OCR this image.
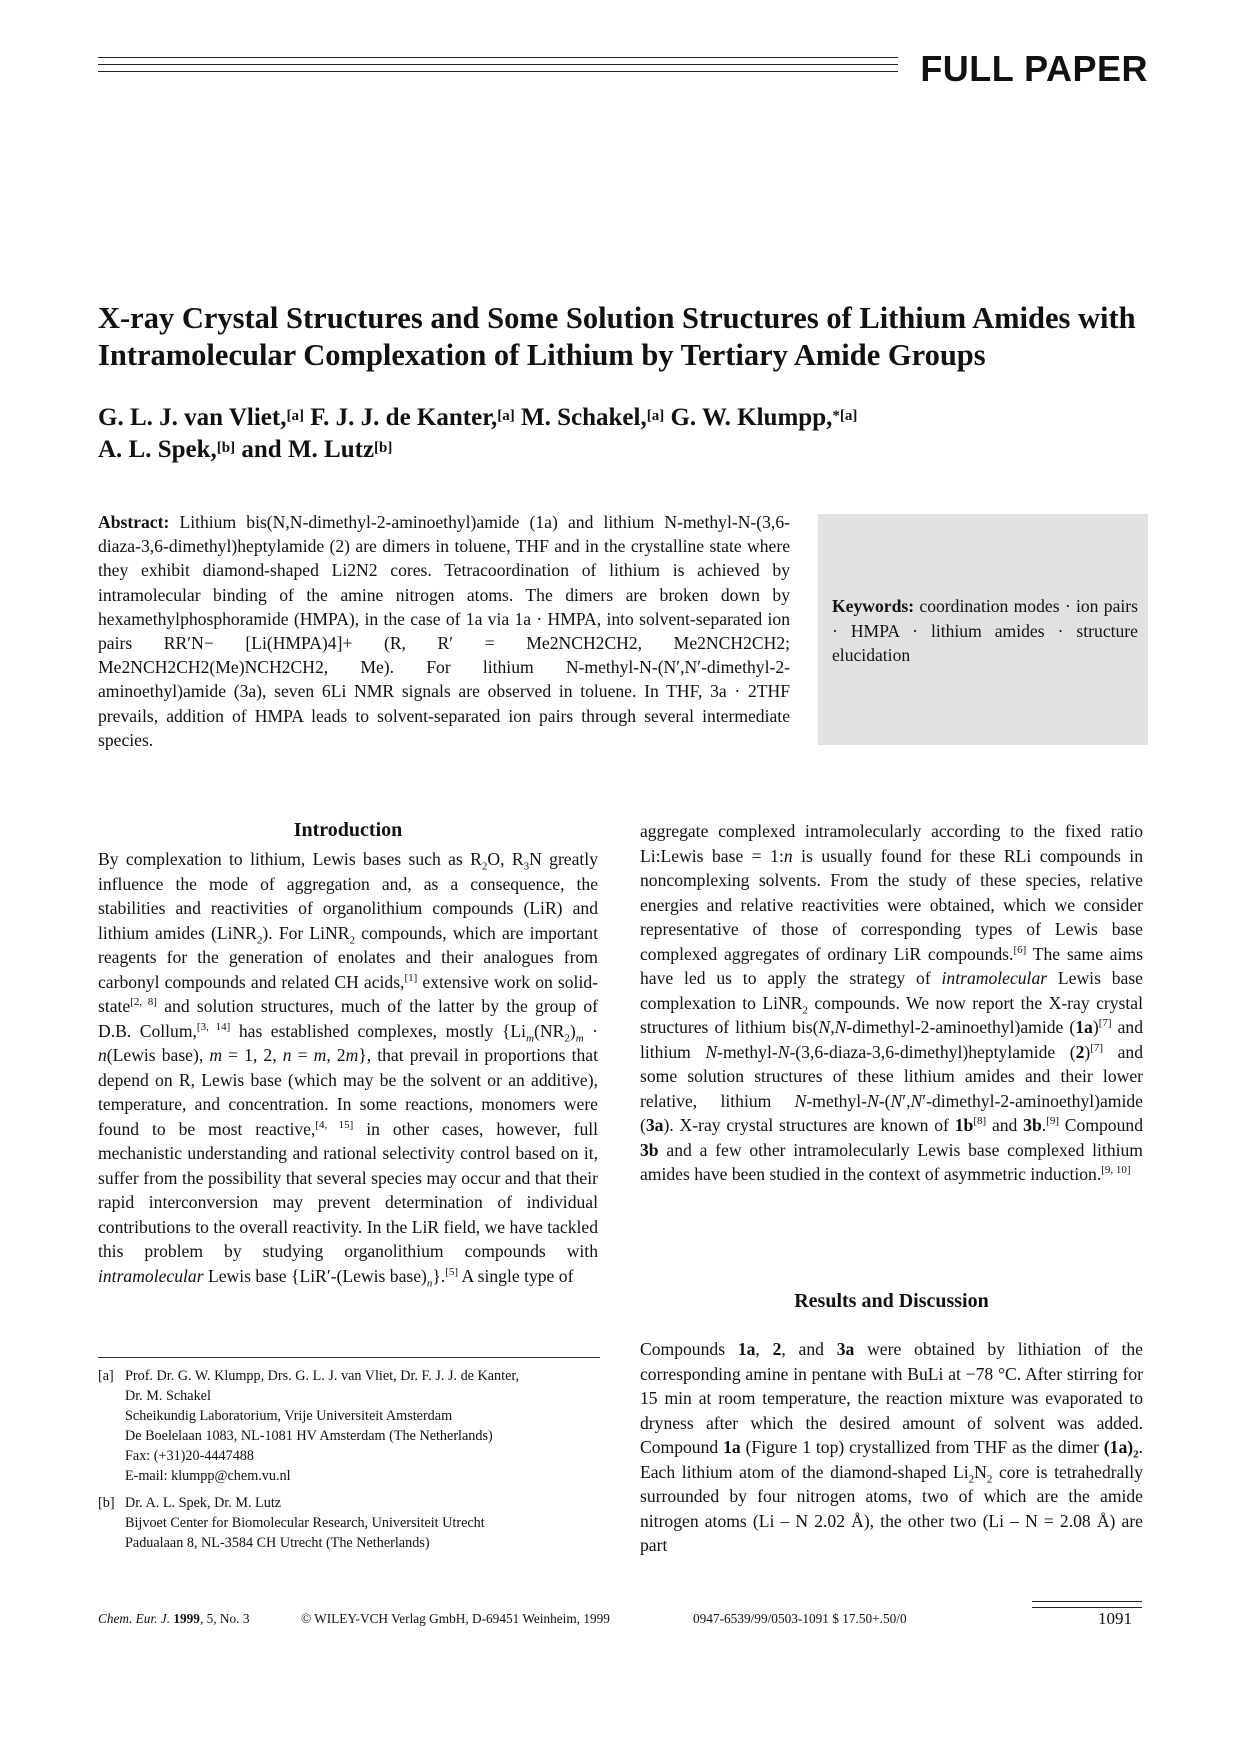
FULL PAPER
X-ray Crystal Structures and Some Solution Structures of Lithium Amides with Intramolecular Complexation of Lithium by Tertiary Amide Groups
G. L. J. van Vliet,[a] F. J. J. de Kanter,[a] M. Schakel,[a] G. W. Klumpp,$^{*[a]}$
A. L. Spek,[b] and M. Lutz[b]
Abstract: Lithium bis(N,N-dimethyl-2-aminoethyl)amide (1a) and lithium N-methyl-N-(3,6-diaza-3,6-dimethyl)heptylamide (2) are dimers in toluene, THF and in the crystalline state where they exhibit diamond-shaped Li2N2 cores. Tetracoordination of lithium is achieved by intramolecular binding of the amine nitrogen atoms. The dimers are broken down by hexamethylphosphoramide (HMPA), in the case of 1a via 1a · HMPA, into solvent-separated ion pairs RR′N− [Li(HMPA)4]+ (R, R′ = Me2NCH2CH2, Me2NCH2CH2; Me2NCH2CH2(Me)NCH2CH2, Me). For lithium N-methyl-N-(N′,N′-dimethyl-2-aminoethyl)amide (3a), seven 6Li NMR signals are observed in toluene. In THF, 3a · 2THF prevails, addition of HMPA leads to solvent-separated ion pairs through several intermediate species.
Keywords: coordination modes · ion pairs · HMPA · lithium amides · structure elucidation
Introduction

By complexation to lithium, Lewis bases such as $R_2O$, $R_3N$ greatly influence the mode of aggregation and, as a consequence, the stabilities and reactivities of organolithium compounds (LiR) and lithium amides (LiNR$_2$). For LiNR$_2$ compounds, which are important reagents for the generation of enolates and their analogues from carbonyl compounds and related CH acids,[1] extensive work on solid-state[2, 8] and solution structures, much of the latter by the group of D.B. Collum,[3, 14] has established complexes, mostly {$Li_m(NR_2)_m$ · n(Lewis base), m = 1, 2, n = m, 2m}, that prevail in proportions that depend on R, Lewis base (which may be the solvent or an additive), temperature, and concentration. In some reactions, monomers were found to be most reactive,[4, 15] in other cases, however, full mechanistic understanding and rational selectivity control based on it, suffer from the possibility that several species may occur and that their rapid interconversion may prevent determination of individual contributions to the overall reactivity. In the LiR field, we have tackled this problem by studying organolithium compounds with intramolecular Lewis base {LiR′-(Lewis $base)_n\}.[5]$ A single type of

[a] Prof. Dr. G. W. Klumpp, Drs. G. L. J. van Vliet, Dr. F. J. J. de Kanter,
Dr. M. Schakel
Scheikundig Laboratorium, Vrije Universiteit Amsterdam
De Boelelaan 1083, NL-1081 HV Amsterdam (The Netherlands)
Fax: (+31)20-4447488
E-mail: klumpp@chem.vu.nl
[b] Dr. A. L. Spek, Dr. M. Lutz
Bijvoet Center for Biomolecular Research, Universiteit Utrecht
Padualaan 8, NL-3584 CH Utrecht (The Netherlands)

aggregate complexed intramolecularly according to the fixed ratio Li:Lewis base = 1:n is usually found for these RLi compounds in noncomplexing solvents. From the study of these species, relative energies and relative reactivities were obtained, which we consider representative of those of corresponding types of Lewis base complexed aggregates of ordinary LiR compounds.[6] The same aims have led us to apply the strategy of intramolecular Lewis base complexation to LiNR$_2$ compounds. We now report the X-ray crystal structures of lithium bis(N,N-dimethyl-2-aminoethyl)amide (1a)[7] and lithium N-methyl-N-(3,6-diaza-3,6-dimethyl)heptylamide (2)[7] and some solution structures of these lithium amides and their lower relative, lithium N-methyl-N-(N′,N′-dimethyl-2-aminoethyl)amide (3a). X-ray crystal structures are known of 1b[8] and 3b.[9] Compound 3b and a few other intramolecularly Lewis base complexed lithium amides have been studied in the context of asymmetric induction.[9, 10]

Results and Discussion

Compounds 1a, 2, and 3a were obtained by lithiation of the corresponding amine in pentane with BuLi at −78 °C. After stirring for 15 min at room temperature, the reaction mixture was evaporated to dryness after which the desired amount of solvent was added. Compound 1a (Figure 1 top) crystallized from THF as the dimer $(1a)_2$. Each lithium atom of the diamond-shaped $Li_2N_2$ core is tetrahedrally surrounded by four nitrogen atoms, two of which are the amide nitrogen atoms (Li – N 2.02 Å), the other two (Li – N = 2.08 Å) are part

Chem. Eur. J. 1999, 5, No. 3	© WILEY-VCH Verlag GmbH, D-69451 Weinheim, 1999	0947-6539/99/0503-1091 $ 17.50+.50/0	1091
